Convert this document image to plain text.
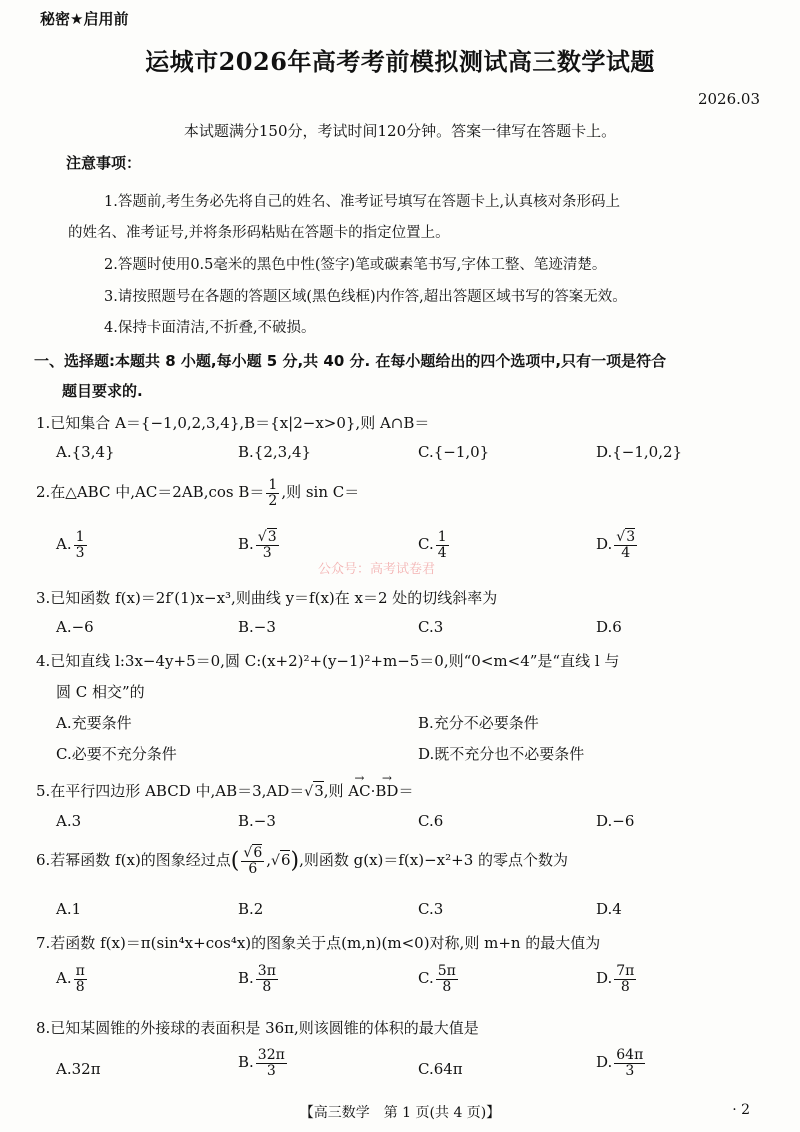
秘密★启用前
运城市2026年高考考前模拟测试高三数学试题
2026.03
本试题满分150分，考试时间120分钟。答案一律写在答题卡上。
注意事项：
1.答题前,考生务必先将自己的姓名、准考证号填写在答题卡上,认真核对条形码上
的姓名、准考证号,并将条形码粘贴在答题卡的指定位置上。
2.答题时使用0.5毫米的黑色中性(签字)笔或碳素笔书写,字体工整、笔迹清楚。
3.请按照题号在各题的答题区域(黑色线框)内作答,超出答题区域书写的答案无效。
4.保持卡面清洁,不折叠,不破损。
一、选择题:本题共 8 小题,每小题 5 分,共 40 分. 在每小题给出的四个选项中,只有一项是符合
题目要求的.
1.已知集合 A＝{−1,0,2,3,4},B＝{x|2−x>0},则 A∩B＝
A.{3,4}	B.{2,3,4}	C.{−1,0}	D.{−1,0,2}
2.在△ABC 中,AC＝2AB,cos $B= \frac{1}{2}$ ,则 sin C＝
A. $\frac{1}{3}$	B. $\frac{√3}{3}$	C. $\frac{1}{4}$	D. $\frac{√3}{4}$
公众号：高考试卷君
3.已知函数 f(x)＝2f′(1)x−x³,则曲线 y＝f(x)在 x＝2 处的切线斜率为
A.−6	B.−3	C.3	D.6
4.已知直线 l:3x−4y+5＝0,圆 C:(x+2)²+(y−1)²+m−5＝0,则“0<m<4”是“直线 l 与
圆 C 相交”的
A.充要条件	B.充分不必要条件
C.必要不充分条件	D.既不充分也不必要条件
5.在平行四边形 ABCD 中,AB＝3,AD＝√3,则 → AC·→ BD＝
A.3	B.−3	C.6	D.−6
6.若幂函数 f(x)的图象经过点( $\frac{√6}{6} ,√6$),则函数 g(x)＝f(x)−x²+3 的零点个数为
A.1	B.2	C.3	D.4
7.若函数 f(x)＝π(sin⁴x+cos⁴x)的图象关于点(m,n)(m<0)对称,则 m+n 的最大值为
A. $\frac{\pi}{8}$	B. $\frac{3\pi}{8}$	C. $\frac{5\pi}{8}$	D. $\frac{7\pi}{8}$
8.已知某圆锥的外接球的表面积是 36π,则该圆锥的体积的最大值是
A.32π	B. $\frac{32\pi}{3}$	C.64π	D. $\frac{64\pi}{3}$
【高三数学　第 1 页(共 4 页)】	· 2
